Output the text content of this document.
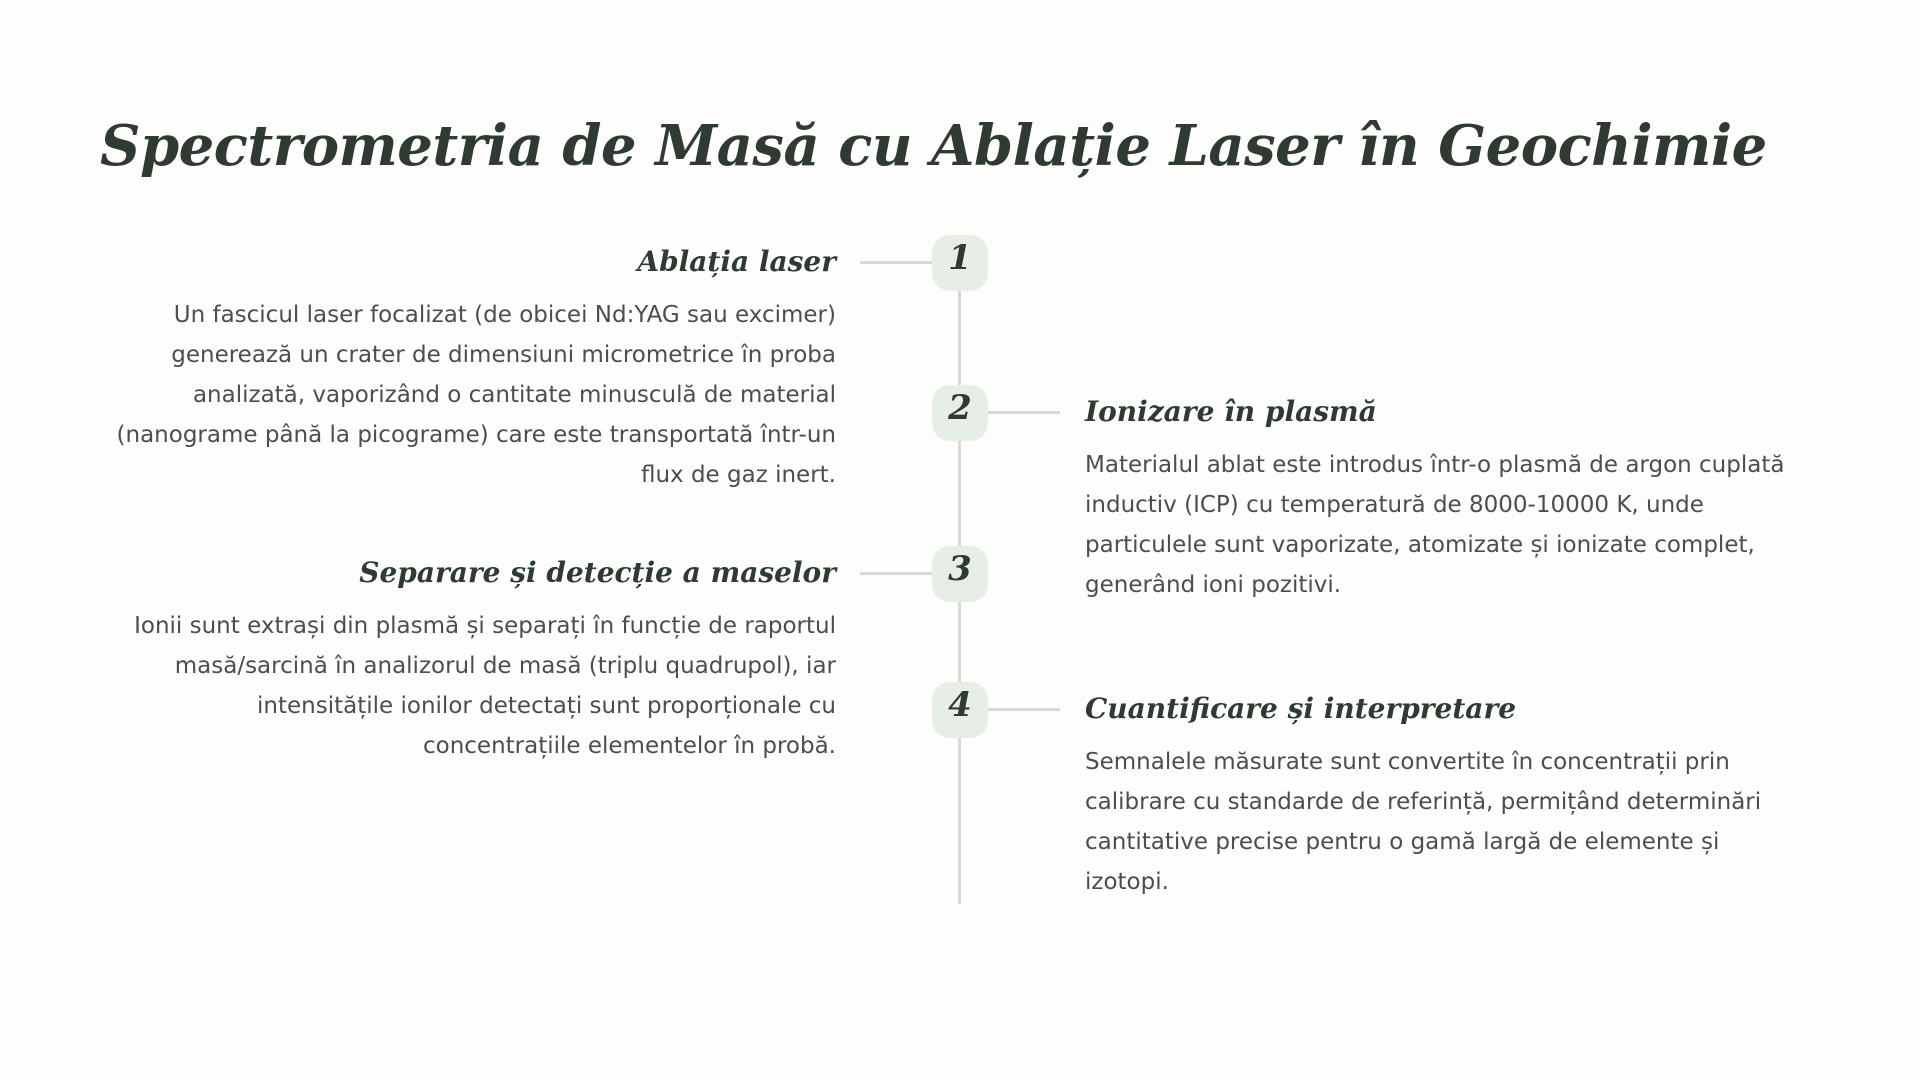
Spectrometria de Masă cu Ablație Laser în Geochimie
1
Ablația laser

Un fascicul laser focalizat (de obicei Nd:YAG sau excimer) generează un crater de dimensiuni micrometrice în proba analizată, vaporizând o cantitate minusculă de material (nanograme până la picograme) care este transportată într-un flux de gaz inert.

2	Ionizare în plasmă

Materialul ablat este introdus într-o plasmă de argon cuplată inductiv (ICP) cu temperatură de 8000-10000 K, unde particulele sunt vaporizate, atomizate și ionizate complet, generând ioni pozitivi.

3
Separare și detecție a maselor

Ionii sunt extrași din plasmă și separați în funcție de raportul masă/sarcină în analizorul de masă (triplu quadrupol), iar intensitățile ionilor detectați sunt proporționale cu concentrațiile elementelor în probă.

4	Cuantificare și interpretare

Semnalele măsurate sunt convertite în concentrații prin calibrare cu standarde de referință, permițând determinări cantitative precise pentru o gamă largă de elemente și izotopi.
